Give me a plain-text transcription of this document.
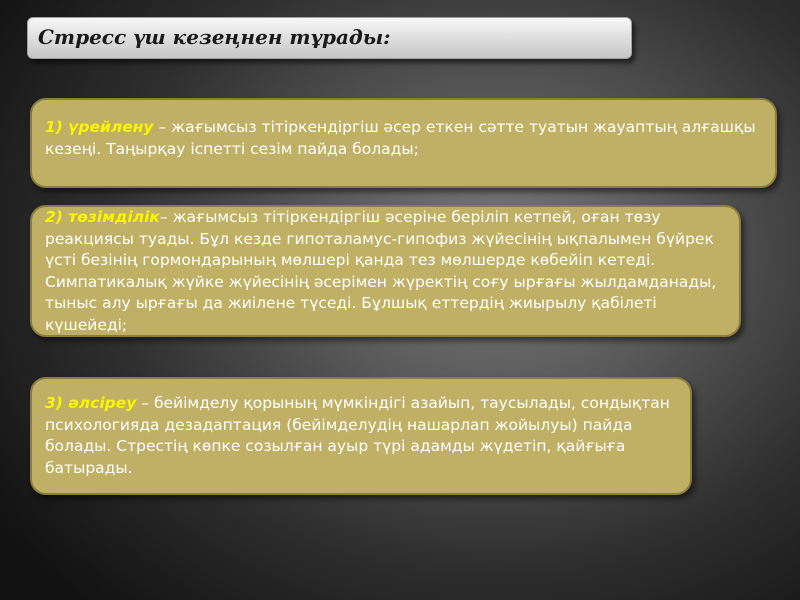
Стресс үш кезеңнен тұрады:

1) үрейлену – жағымсыз тітіркендіргіш әсер еткен сәтте туатын жауаптың алғашқы кезеңі. Таңырқау іспетті сезім пайда болады;

2) төзімділік– жағымсыз тітіркендіргіш әсеріне беріліп кетпей, оған төзу реакциясы туады. Бұл кезде гипоталамус-гипофиз жүйесінің ықпалымен бүйрек үсті безінің гормондарының мөлшері қанда тез мөлшерде көбейіп кетеді. Симпатикалық жүйке жүйесінің әсерімен жүректің соғу ырғағы жылдамданады, тыныс алу ырғағы да жиілене түседі. Бұлшық еттердің жиырылу қабілеті күшейеді;

3) әлсіреу – бейімделу қорының мүмкіндігі азайып, таусылады, сондықтан психологияда дезадаптация (бейімделудің нашарлап жойылуы) пайда болады. Стрестің көпке созылған ауыр түрі адамды жүдетіп, қайғыға батырады.
